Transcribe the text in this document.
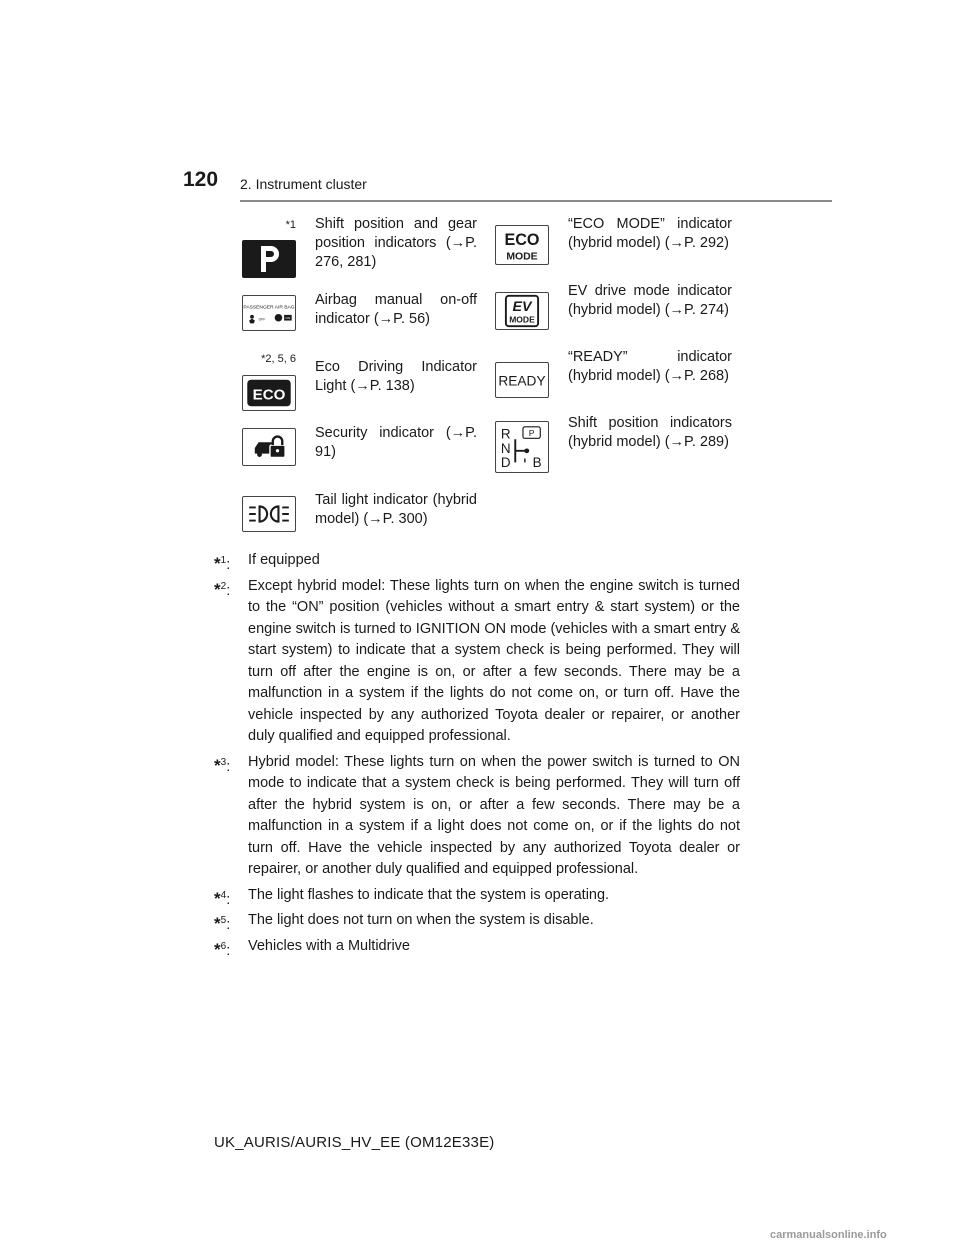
120 2. Instrument cluster
*1 Shift position and gear position indicators (→P. 276, 281)
ECO
MODE
“ECO MODE” indicator (hybrid model) (→P. 292)
PASSENGER AIR BAG
OFF	ON
Airbag manual on-off indicator (→P. 56)
EV
MODE
EV drive mode indicator (hybrid model) (→P. 274)
*2, 5, 6
ECO
Eco Driving Indicator Light (→P. 138)	READY
“READY” indicator (hybrid model) (→P. 268)
Security indicator (→P. 91)
R
N
D B
P
Shift position indicators (hybrid model) (→P. 289)
Tail light indicator (hybrid model) (→P. 300)
*$^1$: If equipped
*$^2$: Except hybrid model: These lights turn on when the engine switch is turned to the “ON” position (vehicles without a smart entry & start system) or the engine switch is turned to IGNITION ON mode (vehicles with a smart entry & start system) to indicate that a system check is being performed. They will turn off after the engine is on, or after a few seconds. There may be a malfunction in a system if the lights do not come on, or turn off. Have the vehicle inspected by any authorized Toyota dealer or repairer, or another duly qualified and equipped professional.
*$^3$: Hybrid model: These lights turn on when the power switch is turned to ON mode to indicate that a system check is being performed. They will turn off after the hybrid system is on, or after a few seconds. There may be a malfunction in a system if a light does not come on, or if the lights do not turn off. Have the vehicle inspected by any authorized Toyota dealer or repairer, or another duly qualified and equipped professional.
*$^4$: The light flashes to indicate that the system is operating.
*$^5$: The light does not turn on when the system is disable.
*$^6$: Vehicles with a Multidrive
UK_AURIS/AURIS_HV_EE (OM12E33E)
carmanualsonline.info
